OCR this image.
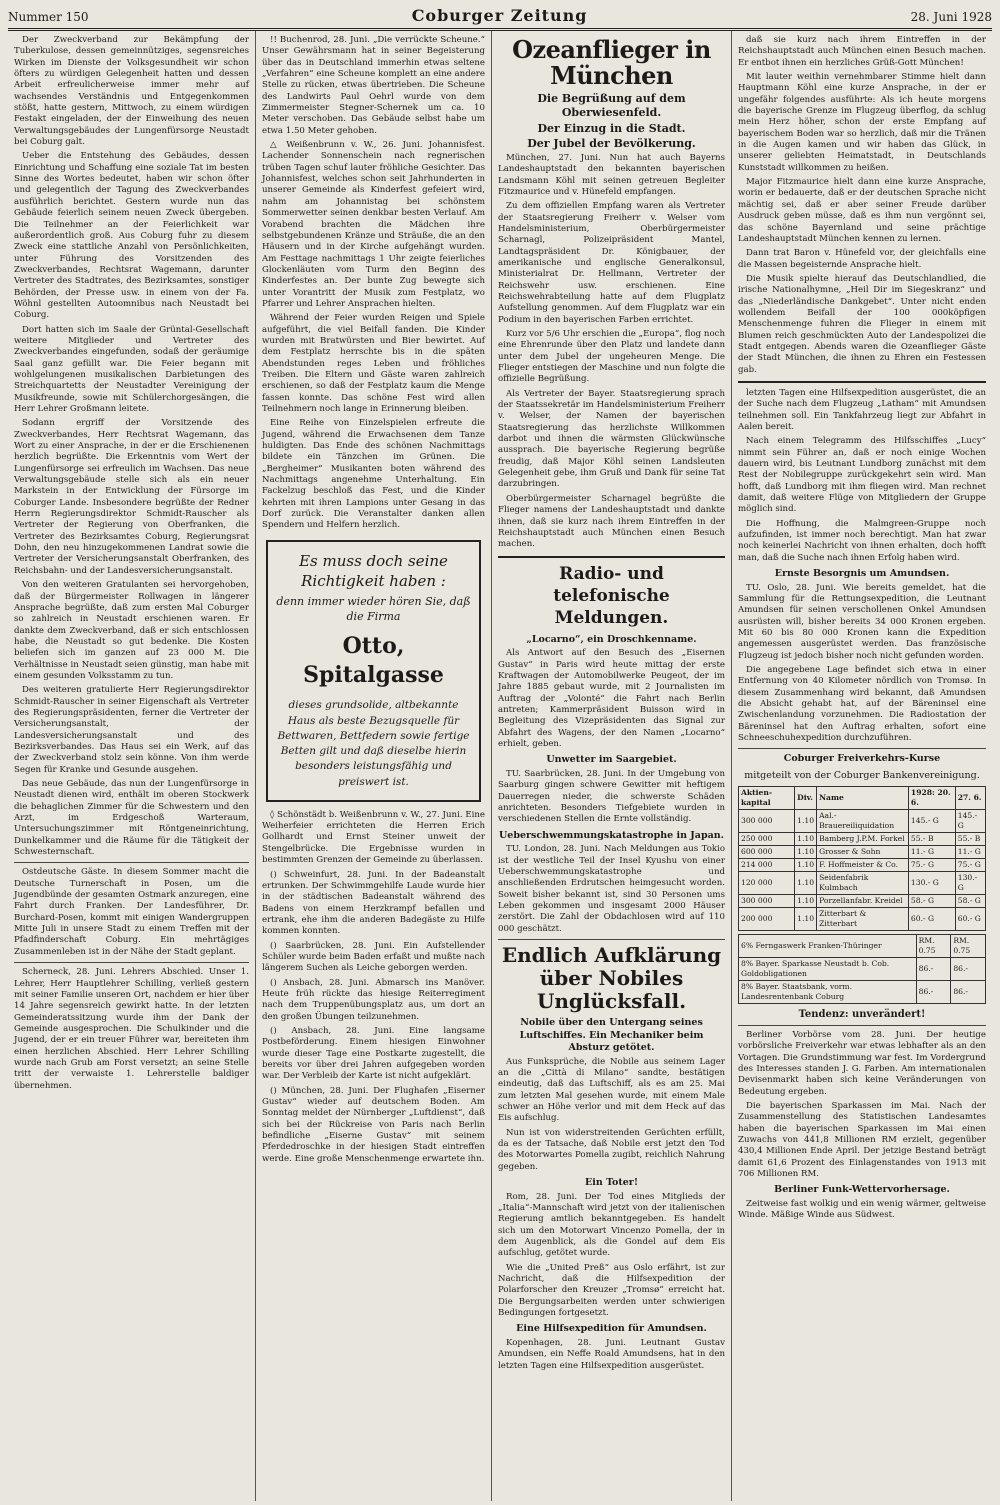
Nummer 150	Coburger Zeitung	28. Juni 1928

Der Zweckverband zur Bekämpfung der Tuberkulose, dessen gemeinnütziges, segensreiches Wirken im Dienste der Volksgesundheit wir schon öfters zu würdigen Gelegenheit hatten und dessen Arbeit erfreulicherweise immer mehr auf wachsendes Verständnis und Entgegenkommen stößt, hatte gestern, Mittwoch, zu einem würdigen Festakt eingeladen, der der Einweihung des neuen Verwaltungsgebäudes der Lungenfürsorge Neustadt bei Coburg galt.

Ueber die Entstehung des Gebäudes, dessen Einrichtung und Schaffung eine soziale Tat im besten Sinne des Wortes bedeutet, haben wir schon öfter und gelegentlich der Tagung des Zweckverbandes ausführlich berichtet. Gestern wurde nun das Gebäude feierlich seinem neuen Zweck übergeben. Die Teilnehmer an der Feierlichkeit war außerordentlich groß. Aus Coburg fuhr zu diesem Zweck eine stattliche Anzahl von Persönlichkeiten, unter Führung des Vorsitzenden des Zweckverbandes, Rechtsrat Wagemann, darunter Vertreter des Stadtrates, des Bezirksamtes, sonstiger Behörden, der Presse usw. in einem von der Fa. Wöhnl gestellten Autoomnibus nach Neustadt bei Coburg.

Dort hatten sich im Saale der Grüntal-Gesellschaft weitere Mitglieder und Vertreter des Zweckverbandes eingefunden, sodaß der geräumige Saal ganz gefüllt war. Die Feier begann mit wohlgelungenen musikalischen Darbietungen des Streichquartetts der Neustadter Vereinigung der Musikfreunde, sowie mit Schülerchorgesängen, die Herr Lehrer Großmann leitete.

Sodann ergriff der Vorsitzende des Zweckverbandes, Herr Rechtsrat Wagemann, das Wort zu einer Ansprache, in der er die Erschienenen herzlich begrüßte. Die Erkenntnis vom Wert der Lungenfürsorge sei erfreulich im Wachsen. Das neue Verwaltungsgebäude stelle sich als ein neuer Markstein in der Entwicklung der Fürsorge im Coburger Lande. Insbesondere begrüßte der Redner Herrn Regierungsdirektor Schmidt-Rauscher als Vertreter der Regierung von Oberfranken, die Vertreter des Bezirksamtes Coburg, Regierungsrat Dohn, den neu hinzugekommenen Landrat sowie die Vertreter der Versicherungsanstalt Oberfranken, des Reichsbahn- und der Landesversicherungsanstalt.

Von den weiteren Gratulanten sei hervorgehoben, daß der Bürgermeister Rollwagen in längerer Ansprache begrüßte, daß zum ersten Mal Coburger so zahlreich in Neustadt erschienen waren. Er dankte dem Zweckverband, daß er sich entschlossen habe, die Neustadt so gut bedenke. Die Kosten beliefen sich im ganzen auf 23 000 M. Die Verhältnisse in Neustadt seien günstig, man habe mit einem gesunden Volksstamm zu tun.

Des weiteren gratulierte Herr Regierungsdirektor Schmidt-Rauscher in seiner Eigenschaft als Vertreter des Regierungspräsidenten, ferner die Vertreter der Versicherungsanstalt, der Landesversicherungsanstalt und des Bezirksverbandes. Das Haus sei ein Werk, auf das der Zweckverband stolz sein könne. Von ihm werde Segen für Kranke und Gesunde ausgehen.

Das neue Gebäude, das nun der Lungenfürsorge in Neustadt dienen wird, enthält im oberen Stockwerk die behaglichen Zimmer für die Schwestern und den Arzt, im Erdgeschoß Warteraum, Untersuchungszimmer mit Röntgeneinrichtung, Dunkelkammer und die Räume für die Tätigkeit der Schwesternschaft.

Ostdeutsche Gäste. In diesem Sommer macht die Deutsche Turnerschaft in Posen, um die Jugendbünde der gesamten Ostmark anzuregen, eine Fahrt durch Franken. Der Landesführer, Dr. Burchard-Posen, kommt mit einigen Wandergruppen Mitte Juli in unsere Stadt zu einem Treffen mit der Pfadfinderschaft Coburg. Ein mehrtägiges Zusammenleben ist in der Nähe der Stadt geplant.

Scherneck, 28. Juni. Lehrers Abschied. Unser 1. Lehrer, Herr Hauptlehrer Schilling, verließ gestern mit seiner Familie unseren Ort, nachdem er hier über 14 Jahre segensreich gewirkt hatte. In der letzten Gemeinderatssitzung wurde ihm der Dank der Gemeinde ausgesprochen. Die Schulkinder und die Jugend, der er ein treuer Führer war, bereiteten ihm einen herzlichen Abschied. Herr Lehrer Schilling wurde nach Grub am Forst versetzt; an seine Stelle tritt der verwaiste 1. Lehrerstelle baldiger übernehmen.

!! Buchenrod, 28. Juni. „Die verrückte Scheune.“ Unser Gewährsmann hat in seiner Begeisterung über das in Deutschland immerhin etwas seltene „Verfahren“ eine Scheune komplett an eine andere Stelle zu rücken, etwas übertrieben. Die Scheune des Landwirts Paul Oehrl wurde von dem Zimmermeister Stegner-Schernek um ca. 10 Meter verschoben. Das Gebäude selbst habe um etwa 1.50 Meter gehoben.

△ Weißenbrunn v. W., 26. Juni. Johannisfest. Lachender Sonnenschein nach regnerischen trüben Tagen schuf lauter fröhliche Gesichter. Das Johannisfest, welches schon seit Jahrhunderten in unserer Gemeinde als Kinderfest gefeiert wird, nahm am Johannistag bei schönstem Sommerwetter seinen denkbar besten Verlauf. Am Vorabend brachten die Mädchen ihre selbstgebundenen Kränze und Sträuße, die an den Häusern und in der Kirche aufgehängt wurden. Am Festtage nachmittags 1 Uhr zeigte feierliches Glockenläuten vom Turm den Beginn des Kinderfestes an. Der bunte Zug bewegte sich unter Vorantritt der Musik zum Festplatz, wo Pfarrer und Lehrer Ansprachen hielten.

Während der Feier wurden Reigen und Spiele aufgeführt, die viel Beifall fanden. Die Kinder wurden mit Bratwürsten und Bier bewirtet. Auf dem Festplatz herrschte bis in die späten Abendstunden reges Leben und fröhliches Treiben. Die Eltern und Gäste waren zahlreich erschienen, so daß der Festplatz kaum die Menge fassen konnte. Das schöne Fest wird allen Teilnehmern noch lange in Erinnerung bleiben.

Eine Reihe von Einzelspielen erfreute die Jugend, während die Erwachsenen dem Tanze huldigten. Das Ende des schönen Nachmittags bildete ein Tänzchen im Grünen. Die „Bergheimer“ Musikanten boten während des Nachmittags angenehme Unterhaltung. Ein Fackelzug beschloß das Fest, und die Kinder kehrten mit ihren Lampions unter Gesang in das Dorf zurück. Die Veranstalter danken allen Spendern und Helfern herzlich.

Es muss doch seine Richtigkeit haben :
denn immer wieder hören Sie, daß die Firma
Otto, Spitalgasse
dieses grundsolide, altbekannte Haus als beste Bezugsquelle für Bettwaren, Bettfedern sowie fertige Betten gilt und daß dieselbe hierin besonders leistungsfähig und preiswert ist.

◊ Schönstädt b. Weißenbrunn v. W., 27. Juni. Eine Weiherfeier errichteten die Herren Erich Gollhardt und Ernst Steiner unweit der Stengelbrücke. Die Ergebnisse wurden in bestimmten Grenzen der Gemeinde zu überlassen.

() Schweinfurt, 28. Juni. In der Badeanstalt ertrunken. Der Schwimmgehilfe Laude wurde hier in der städtischen Badeanstalt während des Badens von einem Herzkrampf befallen und ertrank, ehe ihm die anderen Badegäste zu Hilfe kommen konnten.

() Saarbrücken, 28. Juni. Ein Aufstellender Schüler wurde beim Baden erfaßt und mußte nach längerem Suchen als Leiche geborgen werden.

() Ansbach, 28. Juni. Abmarsch ins Manöver. Heute früh rückte das hiesige Reiterregiment nach dem Truppenübungsplatz aus, um dort an den großen Übungen teilzunehmen.

() Ansbach, 28. Juni. Eine langsame Postbeförderung. Einem hiesigen Einwohner wurde dieser Tage eine Postkarte zugestellt, die bereits vor über drei Jahren aufgegeben worden war. Der Verbleib der Karte ist nicht aufgeklärt.

() München, 28. Juni. Der Flughafen „Eiserner Gustav“ wieder auf deutschem Boden. Am Sonntag meldet der Nürnberger „Luftdienst“, daß sich bei der Rückreise von Paris nach Berlin befindliche „Eiserne Gustav“ mit seinem Pferdedroschke in der hiesigen Stadt eintreffen werde. Eine große Menschenmenge erwartete ihn.

Ozeanflieger in München
Die Begrüßung auf dem Oberwiesenfeld.
Der Einzug in die Stadt.
Der Jubel der Bevölkerung.

München, 27. Juni. Nun hat auch Bayerns Landeshauptstadt den bekannten bayerischen Landsmann Köhl mit seinen getreuen Begleiter Fitzmaurice und v. Hünefeld empfangen.

Zu dem offiziellen Empfang waren als Vertreter der Staatsregierung Freiherr v. Welser vom Handelsministerium, Oberbürgermeister Scharnagl, Polizeipräsident Mantel, Landtagspräsident Dr. Königbauer, der amerikanische und englische Generalkonsul, Ministerialrat Dr. Hellmann, Vertreter der Reichswehr usw. erschienen. Eine Reichswehrabteilung hatte auf dem Flugplatz Aufstellung genommen. Auf dem Flugplatz war ein Podium in den bayerischen Farben errichtet.

Kurz vor 5/6 Uhr erschien die „Europa“, flog noch eine Ehrenrunde über den Platz und landete dann unter dem Jubel der ungeheuren Menge. Die Flieger entstiegen der Maschine und nun folgte die offizielle Begrüßung.

Als Vertreter der Bayer. Staatsregierung sprach der Staatssekretär im Handelsministerium Freiherr v. Welser, der Namen der bayerischen Staatsregierung das herzlichste Willkommen darbot und ihnen die wärmsten Glückwünsche aussprach. Die bayerische Regierung begrüße freudig, daß Major Köhl seinen Landsleuten Gelegenheit gebe, ihm Gruß und Dank für seine Tat darzubringen.

Oberbürgermeister Scharnagel begrüßte die Flieger namens der Landeshauptstadt und dankte ihnen, daß sie kurz nach ihrem Eintreffen in der Reichshauptstadt auch München einen Besuch machen.

Radio- und telefonische Meldungen.
„Locarno“, ein Droschkenname.

Als Antwort auf den Besuch des „Eisernen Gustav“ in Paris wird heute mittag der erste Kraftwagen der Automobilwerke Peugeot, der im Jahre 1885 gebaut wurde, mit 2 Journalisten im Auftrag der „Volonté“ die Fahrt nach Berlin antreten; Kammerpräsident Buisson wird in Begleitung des Vizepräsidenten das Signal zur Abfahrt des Wagens, der den Namen „Locarno“ erhielt, geben.

Unwetter im Saargebiet.

TU. Saarbrücken, 28. Juni. In der Umgebung von Saarburg gingen schwere Gewitter mit heftigem Dauerregen nieder, die schwerste Schäden anrichteten. Besonders Tiefgebiete wurden in verschiedenen Stellen die Ernte vollständig.

Ueberschwemmungskatastrophe in Japan.

TU. London, 28. Juni. Nach Meldungen aus Tokio ist der westliche Teil der Insel Kyushu von einer Ueberschwemmungskatastrophe und anschließenden Erdrutschen heimgesucht worden. Soweit bisher bekannt ist, sind 30 Personen ums Leben gekommen und insgesamt 2000 Häuser zerstört. Die Zahl der Obdachlosen wird auf 110 000 geschätzt.

Endlich Aufklärung über Nobiles Unglücksfall.
Nobile über den Untergang seines Luftschiffes. Ein Mechaniker beim Absturz getötet.

Aus Funksprüche, die Nobile aus seinem Lager an die „Città di Milano“ sandte, bestätigen eindeutig, daß das Luftschiff, als es am 25. Mai zum letzten Mal gesehen wurde, mit einem Male schwer an Höhe verlor und mit dem Heck auf das Eis aufschlug.

Nun ist von widerstreitenden Gerüchten erfüllt, da es der Tatsache, daß Nobile erst jetzt den Tod des Motorwartes Pomella zugibt, reichlich Nahrung gegeben.

Ein Toter!

Rom, 28. Juni. Der Tod eines Mitglieds der „Italia“-Mannschaft wird jetzt von der italienischen Regierung amtlich bekanntgegeben. Es handelt sich um den Motorwart Vincenzo Pomella, der in dem Augenblick, als die Gondel auf dem Eis aufschlug, getötet wurde.

Wie die „United Preß“ aus Oslo erfährt, ist zur Nachricht, daß die Hilfsexpedition der Polarforscher den Kreuzer „Tromsø“ erreicht hat. Die Bergungsarbeiten werden unter schwierigen Bedingungen fortgesetzt.

Eine Hilfsexpedition für Amundsen.

Kopenhagen, 28. Juni. Leutnant Gustav Amundsen, ein Neffe Roald Amundsens, hat in den letzten Tagen eine Hilfsexpedition ausgerüstet.

daß sie kurz nach ihrem Eintreffen in der Reichshauptstadt auch München einen Besuch machen. Er entbot ihnen ein herzliches Grüß-Gott München!

Mit lauter weithin vernehmbarer Stimme hielt dann Hauptmann Köhl eine kurze Ansprache, in der er ungefähr folgendes ausführte: Als ich heute morgens die bayerische Grenze im Flugzeug überflog, da schlug mein Herz höher, schon der erste Empfang auf bayerischem Boden war so herzlich, daß mir die Tränen in die Augen kamen und wir haben das Glück, in unserer geliebten Heimatstadt, in Deutschlands Kunststadt willkommen zu heißen.

Major Fitzmaurice hielt dann eine kurze Ansprache, worin er bedauerte, daß er der deutschen Sprache nicht mächtig sei, daß er aber seiner Freude darüber Ausdruck geben müsse, daß es ihm nun vergönnt sei, das schöne Bayernland und seine prächtige Landeshauptstadt München kennen zu lernen.

Dann trat Baron v. Hünefeld vor, der gleichfalls eine die Massen begeisternde Ansprache hielt.

Die Musik spielte hierauf das Deutschlandlied, die irische Nationalhymne, „Heil Dir im Siegeskranz“ und das „Niederländische Dankgebet“. Unter nicht enden wollendem Beifall der 100 000köpfigen Menschenmenge fuhren die Flieger in einem mit Blumen reich geschmückten Auto der Landespolizei die Stadt entgegen. Abends waren die Ozeanflieger Gäste der Stadt München, die ihnen zu Ehren ein Festessen gab.

letzten Tagen eine Hilfsexpedition ausgerüstet, die an der Suche nach dem Flugzeug „Latham“ mit Amundsen teilnehmen soll. Ein Tankfahrzeug liegt zur Abfahrt in Aalen bereit.

Nach einem Telegramm des Hilfsschiffes „Lucy“ nimmt sein Führer an, daß er noch einige Wochen dauern wird, bis Leutnant Lundborg zunächst mit dem Rest der Nobilegruppe zurückgekehrt sein wird. Man hofft, daß Lundborg mit ihm fliegen wird. Man rechnet damit, daß weitere Flüge von Mitgliedern der Gruppe möglich sind.

Die Hoffnung, die Malmgreen-Gruppe noch aufzufinden, ist immer noch berechtigt. Man hat zwar noch keinerlei Nachricht von ihnen erhalten, doch hofft man, daß die Suche nach ihnen Erfolg haben wird.

Ernste Besorgnis um Amundsen.

TU. Oslo, 28. Juni. Wie bereits gemeldet, hat die Sammlung für die Rettungsexpedition, die Leutnant Amundsen für seinen verschollenen Onkel Amundsen ausrüsten will, bisher bereits 34 000 Kronen ergeben. Mit 60 bis 80 000 Kronen kann die Expedition angemessen ausgerüstet werden. Das französische Flugzeug ist jedoch bisher noch nicht gefunden worden.

Die angegebene Lage befindet sich etwa in einer Entfernung von 40 Kilometer nördlich von Tromsø. In diesem Zusammenhang wird bekannt, daß Amundsen die Absicht gehabt hat, auf der Bäreninsel eine Zwischenlandung vorzunehmen. Die Radiostation der Bäreninsel hat den Auftrag erhalten, sofort eine Schneeschuhexpedition durchzuführen.

Coburger Freiverkehrs-Kurse
mitgeteilt von der Coburger Bankenvereinigung.
Aktien-kapital	Div.	Name	1928: 20. 6.	27. 6.
300 000	1.10	Aal.-Brauereiliquidation	145.- G	145.- G
250 000	1.10	Bamberg J.P.M. Forkel	55.- B	55.- B
600 000	1.10	Grosser & Sohn	11.- G	11.- G
214 000	1.10	F. Hoffmeister & Co.	75.- G	75.- G
120 000	1.10	Seidenfabrik Kulmbach	130.- G	130.- G
300 000	1.10	Porzellanfabr. Kreidel	58.- G	58.- G
200 000	1.10	Zitterbart & Zitterbart	60.- G	60.- G
6% Ferngaswerk Franken-Thüringer	RM. 0.75	RM. 0.75
8% Bayer. Sparkasse Neustadt b. Cob. Goldobligationen	86.-	86.-
8% Bayer. Staatsbank, vorm. Landesrentenbank Coburg	86.-	86.-
Tendenz: unverändert!

Berliner Vorbörse vom 28. Juni. Der heutige vorbörsliche Freiverkehr war etwas lebhafter als an den Vortagen. Die Grundstimmung war fest. Im Vordergrund des Interesses standen J. G. Farben. Am internationalen Devisenmarkt haben sich keine Veränderungen von Bedeutung ergeben.

Die bayerischen Sparkassen im Mai. Nach der Zusammenstellung des Statistischen Landesamtes haben die bayerischen Sparkassen im Mai einen Zuwachs von 441,8 Millionen RM erzielt, gegenüber 430,4 Millionen Ende April. Der jetzige Bestand beträgt damit 61,6 Prozent des Einlagenstandes von 1913 mit 706 Millionen RM.

Berliner Funk-Wettervorhersage.

Zeitweise fast wolkig und ein wenig wärmer, geltweise Winde. Mäßige Winde aus Südwest.
